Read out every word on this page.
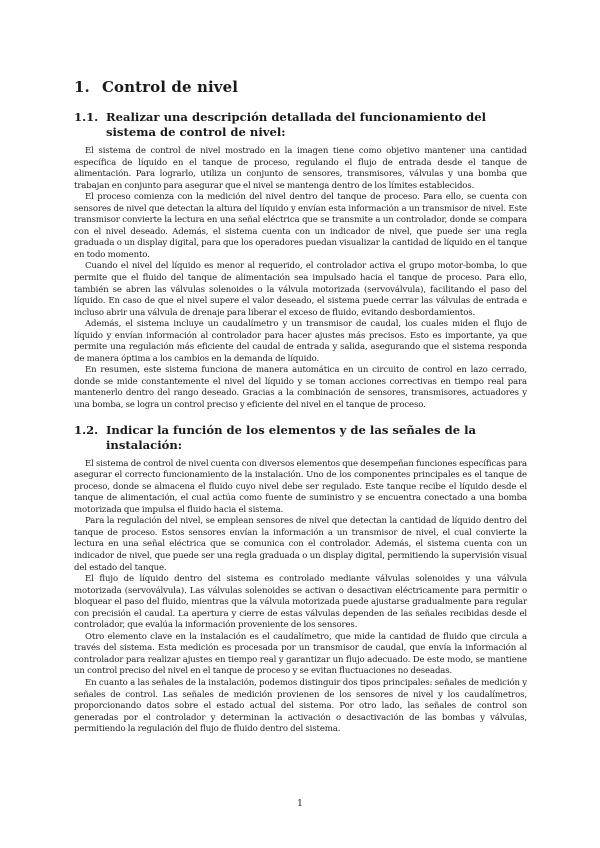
1. Control de nivel
1.1. Realizar una descripción detallada del funcionamiento del sistema de control de nivel:

El sistema de control de nivel mostrado en la imagen tiene como objetivo mantener una cantidad específica de líquido en el tanque de proceso, regulando el flujo de entrada desde el tanque de alimentación. Para lograrlo, utiliza un conjunto de sensores, transmisores, válvulas y una bomba que trabajan en conjunto para asegurar que el nivel se mantenga dentro de los límites establecidos.

El proceso comienza con la medición del nivel dentro del tanque de proceso. Para ello, se cuenta con sensores de nivel que detectan la altura del líquido y envían esta información a un transmisor de nivel. Este transmisor convierte la lectura en una señal eléctrica que se transmite a un controlador, donde se compara con el nivel deseado. Además, el sistema cuenta con un indicador de nivel, que puede ser una regla graduada o un display digital, para que los operadores puedan visualizar la cantidad de líquido en el tanque en todo momento.

Cuando el nivel del líquido es menor al requerido, el controlador activa el grupo motor-bomba, lo que permite que el fluido del tanque de alimentación sea impulsado hacia el tanque de proceso. Para ello, también se abren las válvulas solenoides o la válvula motorizada (servoválvula), facilitando el paso del líquido. En caso de que el nivel supere el valor deseado, el sistema puede cerrar las válvulas de entrada e incluso abrir una válvula de drenaje para liberar el exceso de fluido, evitando desbordamientos.

Además, el sistema incluye un caudalímetro y un transmisor de caudal, los cuales miden el flujo de líquido y envían información al controlador para hacer ajustes más precisos. Esto es importante, ya que permite una regulación más eficiente del caudal de entrada y salida, asegurando que el sistema responda de manera óptima a los cambios en la demanda de líquido.

En resumen, este sistema funciona de manera automática en un circuito de control en lazo cerrado, donde se mide constantemente el nivel del líquido y se toman acciones correctivas en tiempo real para mantenerlo dentro del rango deseado. Gracias a la combinación de sensores, transmisores, actuadores y una bomba, se logra un control preciso y eficiente del nivel en el tanque de proceso.

1.2. Indicar la función de los elementos y de las señales de la instalación:

El sistema de control de nivel cuenta con diversos elementos que desempeñan funciones específicas para asegurar el correcto funcionamiento de la instalación. Uno de los componentes principales es el tanque de proceso, donde se almacena el fluido cuyo nivel debe ser regulado. Este tanque recibe el líquido desde el tanque de alimentación, el cual actúa como fuente de suministro y se encuentra conectado a una bomba motorizada que impulsa el fluido hacia el sistema.

Para la regulación del nivel, se emplean sensores de nivel que detectan la cantidad de líquido dentro del tanque de proceso. Estos sensores envían la información a un transmisor de nivel, el cual convierte la lectura en una señal eléctrica que se comunica con el controlador. Además, el sistema cuenta con un indicador de nivel, que puede ser una regla graduada o un display digital, permitiendo la supervisión visual del estado del tanque.

El flujo de líquido dentro del sistema es controlado mediante válvulas solenoides y una válvula motorizada (servoválvula). Las válvulas solenoides se activan o desactivan eléctricamente para permitir o bloquear el paso del fluido, mientras que la válvula motorizada puede ajustarse gradualmente para regular con precisión el caudal. La apertura y cierre de estas válvulas dependen de las señales recibidas desde el controlador, que evalúa la información proveniente de los sensores.

Otro elemento clave en la instalación es el caudalímetro, que mide la cantidad de fluido que circula a través del sistema. Esta medición es procesada por un transmisor de caudal, que envía la información al controlador para realizar ajustes en tiempo real y garantizar un flujo adecuado. De este modo, se mantiene un control preciso del nivel en el tanque de proceso y se evitan fluctuaciones no deseadas.

En cuanto a las señales de la instalación, podemos distinguir dos tipos principales: señales de medición y señales de control. Las señales de medición provienen de los sensores de nivel y los caudalímetros, proporcionando datos sobre el estado actual del sistema. Por otro lado, las señales de control son generadas por el controlador y determinan la activación o desactivación de las bombas y válvulas, permitiendo la regulación del flujo de fluido dentro del sistema.

1
